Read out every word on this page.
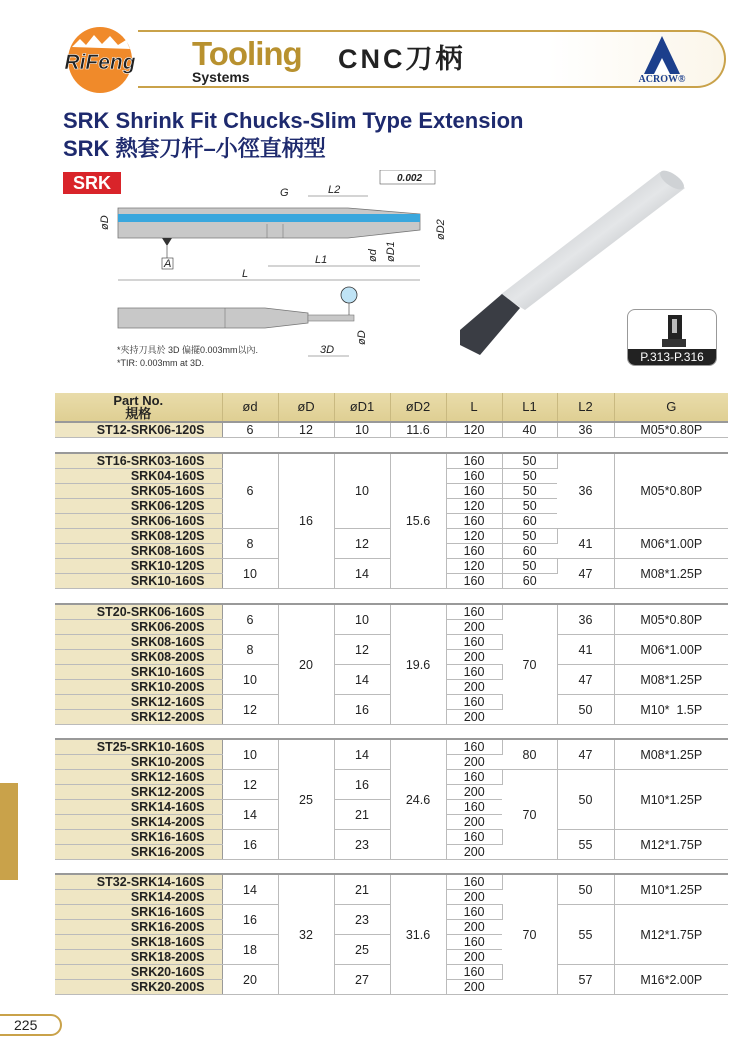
RiFeng Tooling
Systems
CNC刀柄
ACROW®
SRK Shrink Fit Chucks-Slim Type Extension
SRK 熱套刀杆–小徑直柄型
SRK
A
G	L2
0.002
L
L1
øD	øD2
ød øD1
3D
øD
*夾持刀具於 3D 偏擺0.003mm以內.
*TIR: 0.003mm at 3D.	P.313-P.316
Part No.
規格	ød	øD	øD1	øD2	L	L1	L2	G
ST12-SRK06-120S	6	12	10	11.6	120	40	36	M05*0.80P
ST16-SRK03-160S	6	16	10	15.6	160	50	36	M05*0.80P
SRK04-160S					160	50		
SRK05-160S					160	50		
SRK06-120S					120	50		
SRK06-160S					160	60		
SRK08-120S	8		12		120	50	41	M06*1.00P
SRK08-160S					160	60		
SRK10-120S	10		14		120	50	47	M08*1.25P
SRK10-160S					160	60		
ST20-SRK06-160S	6	20	10	19.6	160	70	36	M05*0.80P
SRK06-200S					200			
SRK08-160S	8		12		160		41	M06*1.00P
SRK08-200S					200			
SRK10-160S	10		14		160		47	M08*1.25P
SRK10-200S					200			
SRK12-160S	12		16		160		50	M10*  1.5P
SRK12-200S					200			
ST25-SRK10-160S	10	25	14	24.6	160	80	47	M08*1.25P
SRK10-200S					200			
SRK12-160S	12		16		160	70	50	M10*1.25P
SRK12-200S					200			
SRK14-160S	14		21		160			
SRK14-200S					200			
SRK16-160S	16		23		160		55	M12*1.75P
SRK16-200S					200			
ST32-SRK14-160S	14	32	21	31.6	160	70	50	M10*1.25P
SRK14-200S					200			
SRK16-160S	16		23		160		55	M12*1.75P
SRK16-200S					200			
SRK18-160S	18		25		160			
SRK18-200S					200			
SRK20-160S	20		27		160		57	M16*2.00P
SRK20-200S					200			
225
